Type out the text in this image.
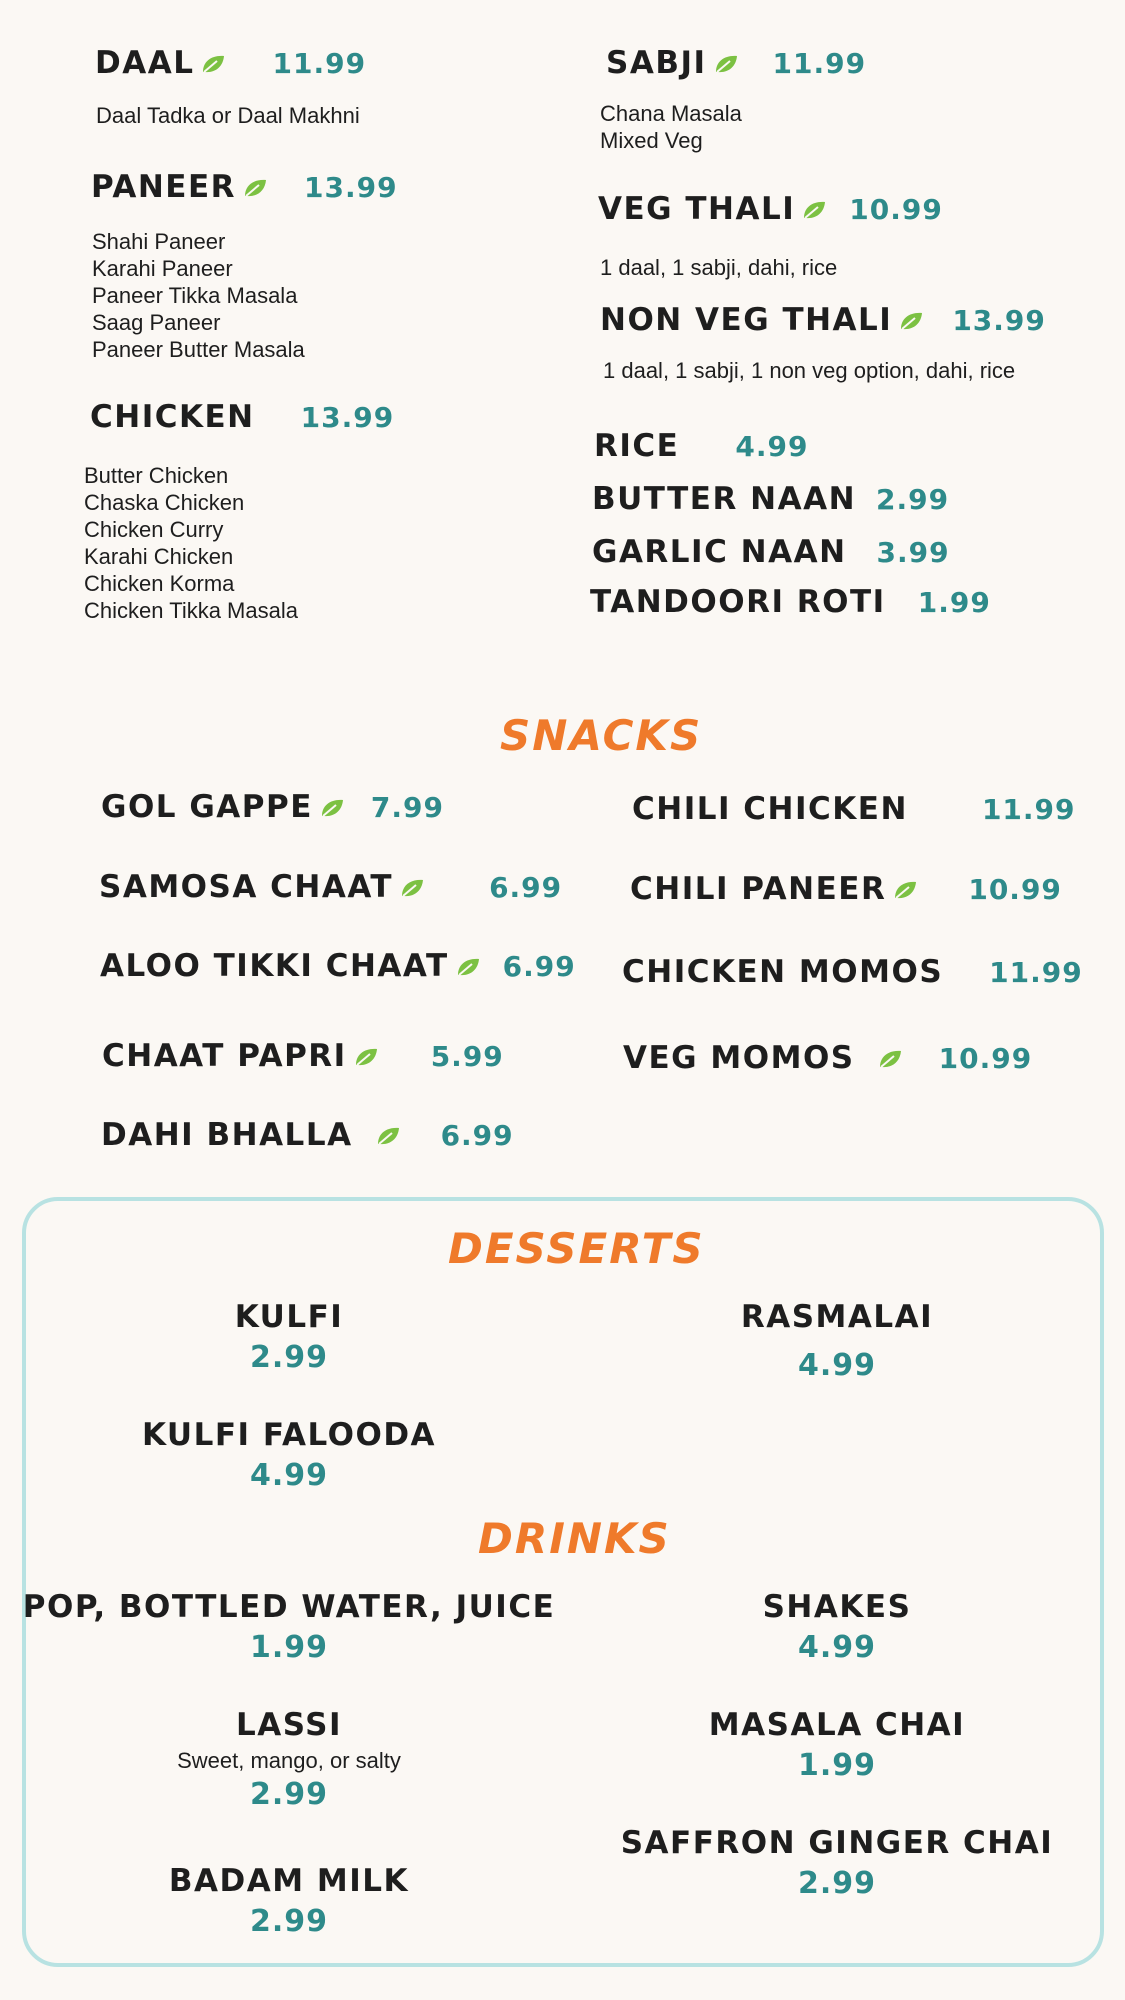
DAAL	11.99
Daal Tadka or Daal Makhni
PANEER 13.99
Shahi Paneer
Karahi Paneer
Paneer Tikka Masala
Saag Paneer
Paneer Butter Masala
CHICKEN 13.99
Butter Chicken
Chaska Chicken
Chicken Curry
Karahi Chicken
Chicken Korma
Chicken Tikka Masala
SABJI 11.99
Chana Masala
Mixed Veg
VEG THALI 10.99
1 daal, 1 sabji, dahi, rice
NON VEG THALI 13.99
1 daal, 1 sabji, 1 non veg option, dahi, rice
RICE 4.99
BUTTER NAAN 2.99
GARLIC NAAN 3.99
TANDOORI ROTI 1.99
SNACKS
GOL GAPPE 7.99
SAMOSA CHAAT	6.99
ALOO TIKKI CHAAT 6.99
CHAAT PAPRI	5.99
DAHI BHALLA	6.99
CHILI CHICKEN	11.99
CHILI PANEER	10.99
CHICKEN MOMOS 11.99
VEG MOMOS	10.99
DESSERTS
KULFI
2.99
RASMALAI
4.99
KULFI FALOODA
4.99
DRINKS
POP, BOTTLED WATER, JUICE
1.99
SHAKES
4.99
LASSI
Sweet, mango, or salty
2.99
MASALA CHAI
1.99
SAFFRON GINGER CHAI
2.99
BADAM MILK
2.99
